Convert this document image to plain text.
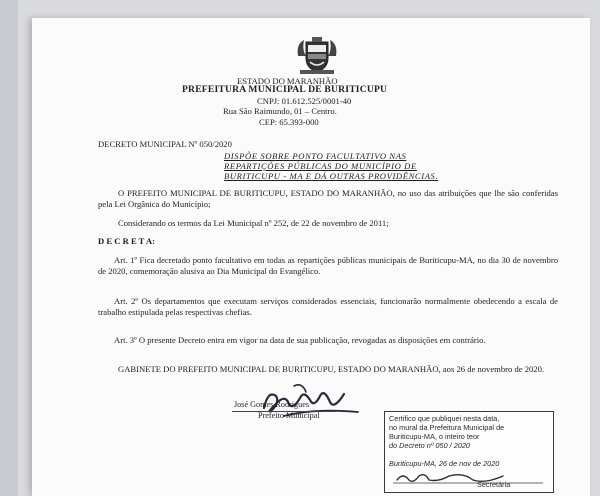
ESTADO DO MARANHÃO
PREFEITURA MUNICIPAL DE BURITICUPU
CNPJ: 01.612.525/0001-40
Rua São Raimundo, 01 – Centro.
CEP: 65.393-000
DECRETO MUNICIPAL Nº 050/2020
DISPÕE SOBRE PONTO FACULTATIVO NAS
REPARTIÇÕES PÚBLICAS DO MUNICÍPIO DE
BURITICUPU - MA E DÁ OUTRAS PROVIDÊNCIAS.
O PREFEITO MUNICIPAL DE BURITICUPU, ESTADO DO MARANHÃO, no uso das atribuições que lhe são conferidas pela Lei Orgânica do Município;
Considerando os termos da Lei Municipal nº 252, de 22 de novembro de 2011;
D E C R E T A:
Art. 1º Fica decretado ponto facultativo em todas as repartições públicas municipais de Buriticupu-MA, no dia 30 de novembro de 2020, comemoração alusiva ao Dia Municipal do Evangélico.
Art. 2º Os departamentos que executam serviços considerados essenciais, funcionarão normalmente obedecendo a escala de trabalho estipulada pelas respectivas chefias.
Art. 3º O presente Decreto entra em vigor na data de sua publicação, revogadas as disposições em contrário.
GABINETE DO PREFEITO MUNICIPAL DE BURITICUPU, ESTADO DO MARANHÃO, aos 26 de novembro de 2020.
José Gomes Rodrigues
Prefeito Municipal	Certifico que publiquei nesta data,
no mural da Prefeitura Municipal de
Buriticupu-MA, o inteiro teor
do Decreto nº 050 / 2020
Buriticupu-MA, 26 de nov de 2020
Secretária
